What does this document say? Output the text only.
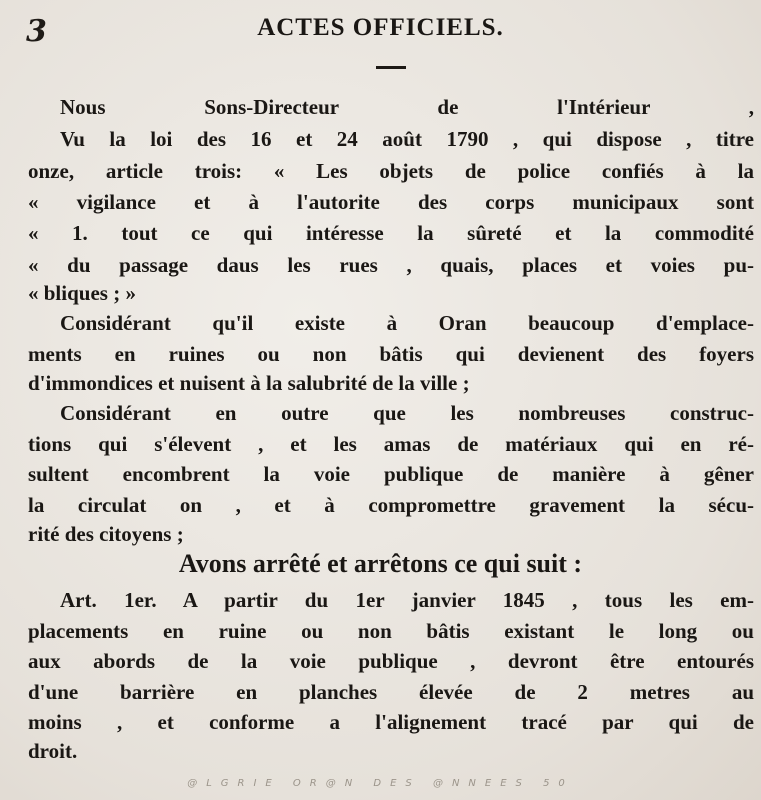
3	ACTES OFFICIELS.
Nous Sons-Directeur de l'Intérieur ,
Vu la loi des 16 et 24 août 1790 , qui dispose , titre
onze, article trois: « Les objets de police confiés à la
« vigilance et à l'autorite des corps municipaux sont
« 1. tout ce qui intéresse la sûreté et la commodité
« du passage daus les rues , quais, places et voies pu-
« bliques ; »
Considérant qu'il existe à Oran beaucoup d'emplace-
ments en ruines ou non bâtis qui devienent des foyers
d'immondices et nuisent à la salubrité de la ville ;
Considérant en outre que les nombreuses construc-
tions qui s'élevent , et les amas de matériaux qui en ré-
sultent encombrent la voie publique de manière à gêner
la circulat on , et à compromettre gravement la sécu-
rité des citoyens ;
Avons arrêté et arrêtons ce qui suit :
Art. 1er. A partir du 1er janvier 1845 , tous les em-
placements en ruine ou non bâtis existant le long ou
aux abords de la voie publique , devront être entourés
d'une barrière en planches élevée de 2 metres au
moins , et conforme a l'alignement tracé par qui de
droit.
@LGRIE OR@N DES @NNEES 50
